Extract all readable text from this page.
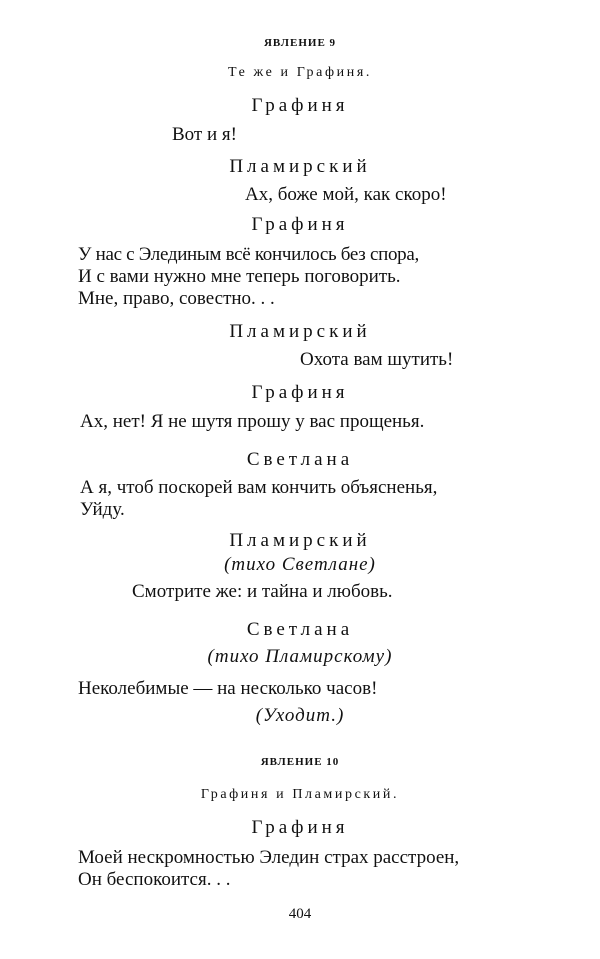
ЯВЛЕНИЕ 9
Те же и Графиня.
Графиня
Вот и я!
Пламирский
Ах, боже мой, как скоро!
Графиня
У нас с Элединым всё кончилось без спора,
И с вами нужно мне теперь поговорить.
Мне, право, совестно. . .
Пламирский
Охота вам шутить!
Графиня
Ах, нет! Я не шутя прошу у вас прощенья.
Светлана
А я, чтоб поскорей вам кончить объясненья,
Уйду.
Пламирский
(тихо Светлане)
Смотрите же: и тайна и любовь.
Светлана
(тихо Пламирскому)
Неколебимые — на несколько часов!
(Уходит.)
ЯВЛЕНИЕ 10
Графиня и Пламирский.
Графиня
Моей нескромностью Эледин страх расстроен,
Он беспокоится. . .
404
